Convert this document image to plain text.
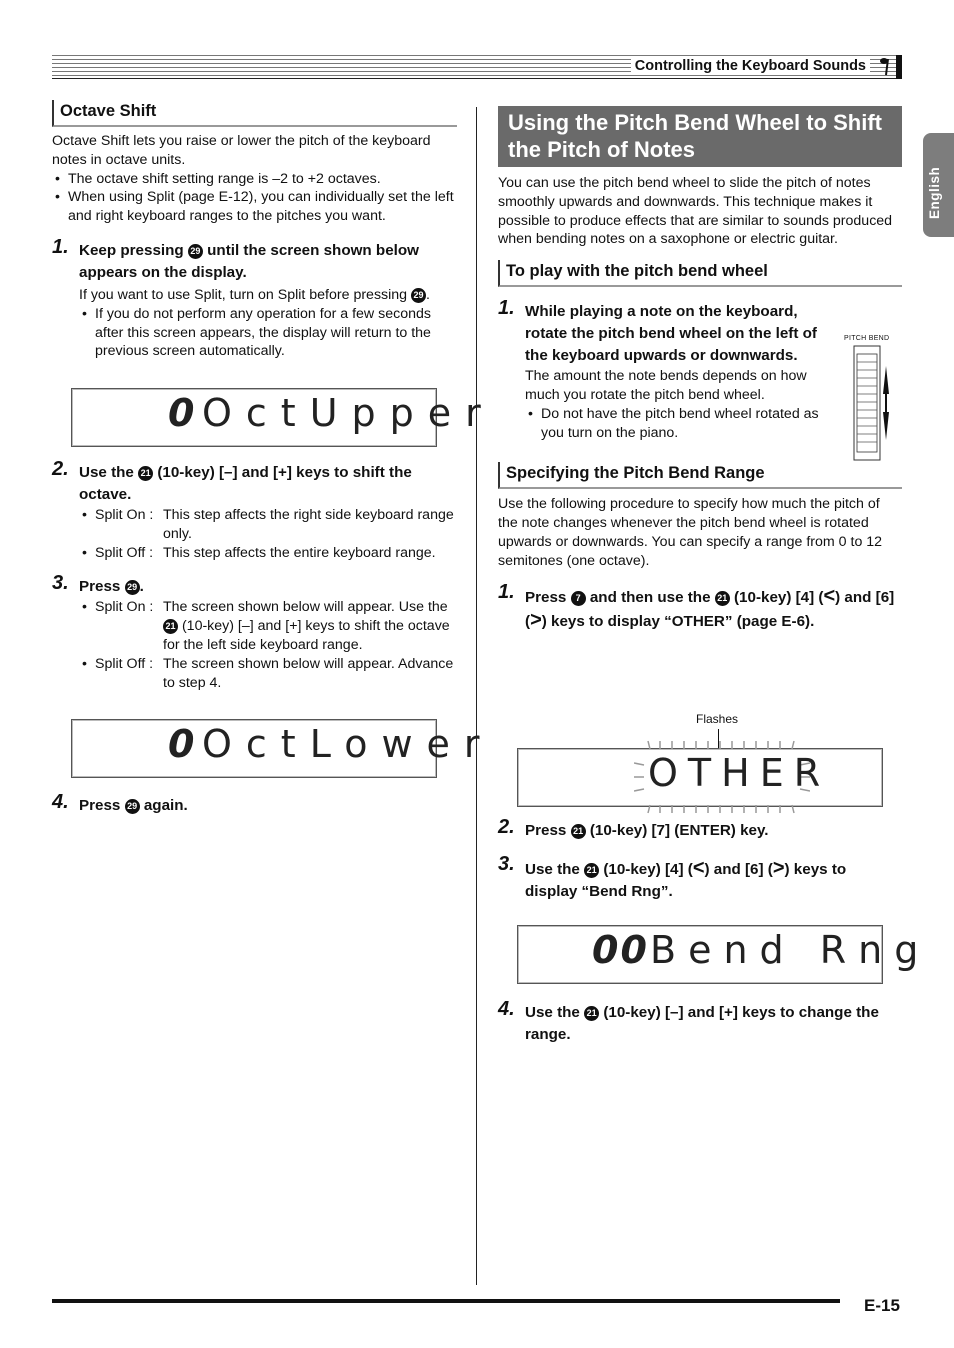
Controlling the Keyboard Sounds
English
Octave Shift

Octave Shift lets you raise or lower the pitch of the keyboard notes in octave units.

• The octave shift setting range is –2 to +2 octaves.
• When using Split (page E-12), you can individually set the left and right keyboard ranges to the pitches you want.
1. Keep pressing 29 until the screen shown below appears on the display.
If you want to use Split, turn on Split before pressing 29 .
• If you do not perform any operation for a few seconds after this screen appears, the display will return to the previous screen automatically.
0 OctUpper
2. Use the 21 (10-key) [–] and [+] keys to shift the octave.
• Split On : This step affects the right side keyboard range only.
• Split Off : This step affects the entire keyboard range.
3. Press 29 .
• Split On : The screen shown below will appear. Use the 21 (10-key) [–] and [+] keys to shift the octave for the left side keyboard range.
• Split Off : The screen shown below will appear. Advance to step 4.
0 OctLower
4. Press 29 again.
Using the Pitch Bend Wheel to Shift the Pitch of Notes

You can use the pitch bend wheel to slide the pitch of notes smoothly upwards and downwards. This technique makes it possible to produce effects that are similar to sounds produced when bending notes on a saxophone or electric guitar.

To play with the pitch bend wheel
1. While playing a note on the keyboard, rotate the pitch bend wheel on the left of the keyboard upwards or downwards.
The amount the note bends depends on how much you rotate the pitch bend wheel.
• Do not have the pitch bend wheel rotated as you turn on the piano.
Specifying the Pitch Bend Range

Use the following procedure to specify how much the pitch of the note changes whenever the pitch bend wheel is rotated upwards or downwards. You can specify a range from 0 to 12 semitones (one octave).

1. Press 7 and then use the 21 (10-key) [4] (<) and [6] (>) keys to display “OTHER” (page E-6).
PITCH BEND
Flashes
OTHER
2. Press 21 (10-key) [7] (ENTER) key.
3. Use the 21 (10-key) [4] (<) and [6] (>) keys to display “Bend Rng”.
00 Bend Rng
4. Use the 21 (10-key) [–] and [+] keys to change the range.
E-15
